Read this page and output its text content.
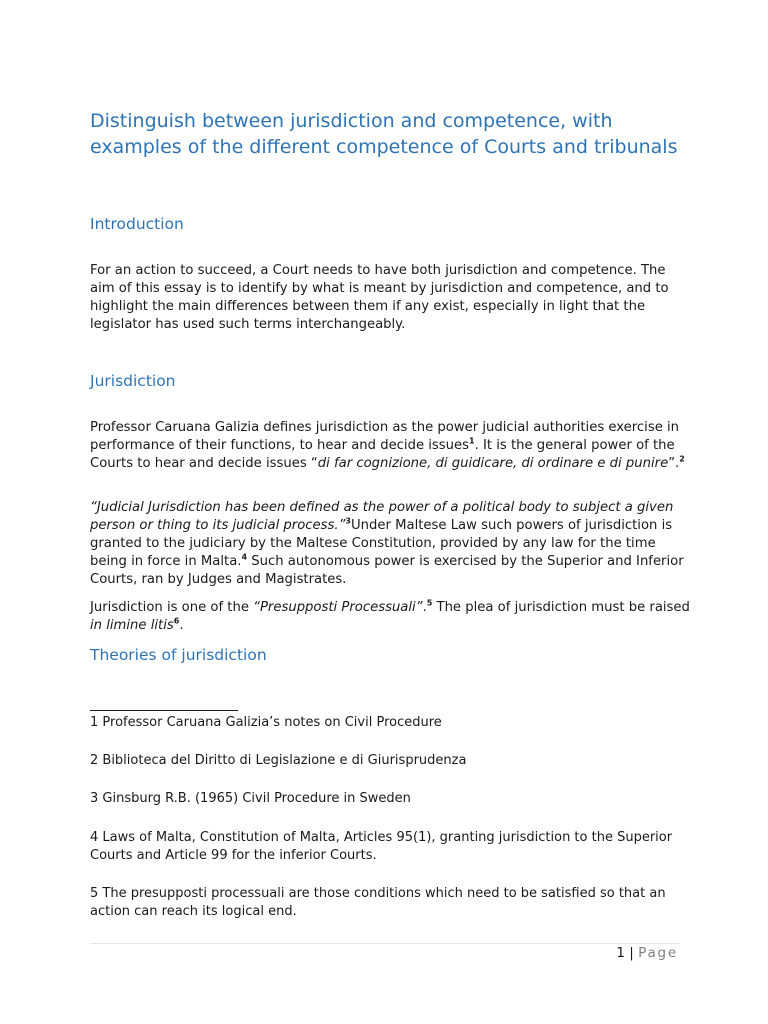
Distinguish between jurisdiction and competence, with examples of the different competence of Courts and tribunals
Introduction

For an action to succeed, a Court needs to have both jurisdiction and competence. The aim of this essay is to identify by what is meant by jurisdiction and competence, and to highlight the main differences between them if any exist, especially in light that the legislator has used such terms interchangeably.

Jurisdiction

Professor Caruana Galizia defines jurisdiction as the power judicial authorities exercise in performance of their functions, to hear and decide issues$^1$. It is the general power of the Courts to hear and decide issues “di far cognizione, di guidicare, di ordinare e di punire”.$^2$

“Judicial Jurisdiction has been defined as the power of a political body to subject a given person or thing to its judicial process.”$^3$Under Maltese Law such powers of jurisdiction is granted to the judiciary by the Maltese Constitution, provided by any law for the time being in force in Malta.$^4$ Such autonomous power is exercised by the Superior and Inferior Courts, ran by Judges and Magistrates.

Jurisdiction is one of the “Presupposti Processuali”.$^5$ The plea of jurisdiction must be raised in limine litis$^6$.

Theories of jurisdiction

1 Professor Caruana Galizia’s notes on Civil Procedure

2 Biblioteca del Diritto di Legislazione e di Giurisprudenza

3 Ginsburg R.B. (1965) Civil Procedure in Sweden

4 Laws of Malta, Constitution of Malta, Articles 95(1), granting jurisdiction to the Superior Courts and Article 99 for the inferior Courts.

5 The presupposti processuali are those conditions which need to be satisfied so that an action can reach its logical end.

1 | Page
